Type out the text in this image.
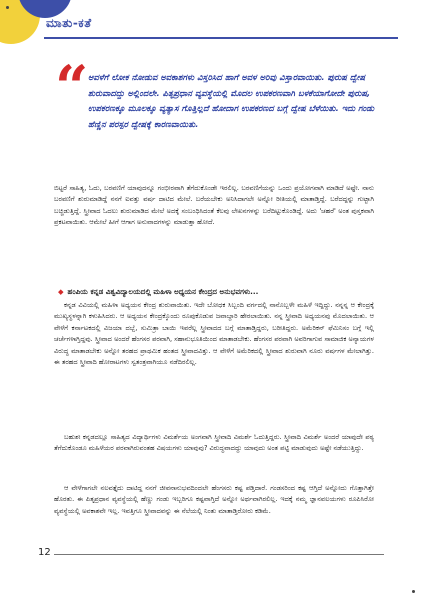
ಮಾತು-ಕತೆ
“ ಅವಳೆಗೆ ಲೋಕ ನೋಡುವ ಅವಕಾಶಗಳು ವಿಸ್ತರಿಸಿದ ಹಾಗೆ ಅವಳ ಅರಿವು ವಿಸ್ತಾರವಾಯಿತು. ಪುರುಷ ದ್ವೇಷ ಶುರುವಾದದ್ದು ಅಲ್ಲಿಂದಲೇ. ಪಿತೃಪ್ರಧಾನ ವ್ಯವಸ್ಥೆಯಲ್ಲಿ ಮೊದಲ ಉಪಕರಣವಾಗಿ ಬಳಕೆಯಾಗೋದೇ ಪುರುಷ, ಉಪಕರಣಕ್ಕೂ ಮೂಲಕ್ಕೂ ವ್ಯತ್ಯಾಸ ಗೊತ್ತಿಲ್ಲದೆ ಹೋದಾಗ ಉಪಕರಣದ ಬಗ್ಗೆ ದ್ವೇಷ ಬೆಳೆಯಿತು. ಇದು ಗಂಡು ಹೆಣ್ಣಿನ ಪರಸ್ಪರ ದ್ವೇಷಕ್ಕೆ ಕಾರಣವಾಯಿತು.
ಬಿಟ್ಟರೆ ಸಾಹಿತ್ಯ, ಓದು, ಬರವಣಿಗೆ ಯಾವುದನ್ನೂ ಗಂಭೀರವಾಗಿ ತೆಗೆದುಕೊಂಡೇ ಇರಲಿಲ್ಲ. ಬರವಣಿಗೆಯನ್ನು ಒಂದು ಪ್ರಯೋಗವಾಗಿ ಮಾಡಿದೆ ಅಷ್ಟೇ. ನಾನು ಬರವಣಿಗೆ ಶುರುಮಾಡಿದ್ದೆ ನನಗೆ ಐವತ್ತು ವರ್ಷ ದಾಟಿದ ಮೇಲೆ. ಬರೆಯಬೇಕು ಅನಿಸಿದಾಗಲೇ ಅನ್ನೋ ರೀತಿಯಲ್ಲಿ ಮಾತಾಡ್ತಿದ್ದೆ. ಬರೆದದ್ದನ್ನು ಗುಟ್ಟಾಗಿ ಬಚ್ಚಿಡುತ್ತಿದ್ದೆ. ಸ್ತ್ರೀವಾದ ಓದಲು ಶುರುಮಾಡಿದ ಮೇಲೆ ಅದಕ್ಕೆ ಸಂಬಂಧಿಸಿದಂತೆ ಕೆಲವು ಲೇಖನಗಳನ್ನು ಬರೆದಿಟ್ಟುಕೊಂಡಿದ್ದೆ. ಅದು 'ಚಹರೆ' ಅಂತ ಪುಸ್ತಕವಾಗಿ ಪ್ರಕಟವಾಯಿತು. ಆಮೇಲೆ ಹೀಗೆ ಆಗಾಗ ಅನುವಾದಗಳನ್ನು ಮಾಡುತ್ತಾ ಹೋದೆ.
◆ ಹಂಪಿಯ ಕನ್ನಡ ವಿಶ್ವವಿದ್ಯಾಲಯದಲ್ಲಿ ಮಹಿಳಾ ಅಧ್ಯಯನ ಕೇಂದ್ರದ ಅನುಭವಗಳು...
ಕನ್ನಡ ವಿವಿಯಲ್ಲಿ ಮಹಿಳಾ ಅಧ್ಯಯನ ಕೇಂದ್ರ ಶುರುವಾಯಿತು. ಇದೇ ಬೋಧಕ ಸಿಬ್ಬಂದಿ ವರ್ಗದಲ್ಲಿ ನಾನೊಬ್ಬಳೇ ಮಹಿಳೆ ಇದ್ದಿದ್ದು. ನನ್ನನ್ನ ಆ ಕೇಂದ್ರಕ್ಕೆ ಮುಖ್ಯಸ್ಥಳನ್ನಾಗಿ ಕಳುಹಿಸಿದರು. ಆ ಅಧ್ಯಯನ ಕೇಂದ್ರಕ್ಕೊಂದು ರೂಪುಕೊಡುವ ಜವಾಬ್ದಾರಿ ಹೇರಲಾಯಿತು. ನನ್ನ ಸ್ತ್ರೀವಾದಿ ಅಧ್ಯಯನವು ಮೊದಲಾಯಿತು. ಆ ವೇಳೆಗೆ ಕರ್ನಾಟಕದಲ್ಲಿ ವಿಜಯಾ ದಬ್ಬೆ, ಸುಮಿತ್ರಾ ಬಾಯಿ ಇವರೆಲ್ಲ ಸ್ತ್ರೀವಾದದ ಬಗ್ಗೆ ಮಾತಾಡ್ತಿದ್ದರು, ಬರೀತಿದ್ದರು. ಅಮೆರಿಕನ್ ಫೆಮಿನಿಸಂ ಬಗ್ಗೆ ಇಲ್ಲಿ ಚರ್ಚೆಗಳಾಗ್ತಿದ್ದವು. ಸ್ತ್ರೀವಾದ ಅಂದರೆ ಹೆಂಗಸರ ಪರವಾಗಿ, ಸಹಾನುಭೂತಿಯಿಂದ ಮಾತಾಡಬೇಕು. ಹೆಂಗಸರ ಪರವಾಗಿ ಅವರಿಗಾಗುವ ಸಾಮಾಜಿಕ ಅನ್ಯಾಯಗಳ ವಿರುದ್ಧ ಮಾತಾಡಬೇಕು ಅನ್ನೋ ತರಹದ ಪ್ರಾಥಮಿಕ ಹಂತದ ಸ್ತ್ರೀವಾದವಿತ್ತು. ಆ ವೇಳೆಗೆ ಅಮೆರಿಕದಲ್ಲಿ ಸ್ತ್ರೀವಾದ ಶುರುವಾಗಿ ನೂರು ವರ್ಷಗಳ ಮೇಲಾಗಿತ್ತು. ಈ ತರಹದ ಸ್ತ್ರೀವಾದಿ ಹೋರಾಟಗಳು ಸ್ವತಂತ್ರವಾಗಿಯೂ ನಡೆದಿರಲಿಲ್ಲ.
ಬಹುಶಃ ಕನ್ನಡದಲ್ಲೂ ಸಾಹಿತ್ಯದ ವಿದ್ಯಾರ್ಥಿಗಳು ವಿಮರ್ಶೆಯ ಅಂಗವಾಗಿ ಸ್ತ್ರೀವಾದಿ ವಿಮರ್ಶೆ ಓದುತ್ತಿದ್ದರು. ಸ್ತ್ರೀವಾದಿ ವಿಮರ್ಶೆ ಅಂದರೆ ಯಾವುದೇ ಪಠ್ಯ ತೆಗೆದುಕೊಂಡೂ ಮಹಿಳೆಯರ ಪರವಾಗಿರುವಂತಹ ವಿಷಯಗಳು ಯಾವುವು? ವಿರುದ್ಧವಾದದ್ದು ಯಾವುದು ಅಂತ ಪಟ್ಟಿ ಮಾಡುವುದು ಅಷ್ಟೇ ನಡೆಯುತ್ತಿದ್ದು.
ಆ ವೇಳೆಗಾಗಲೇ ನಲವತ್ತೈದು ದಾಟಿದ್ದ ನನಗೆ ಜೀವನಾನುಭವದಿಂದಲೇ ಹೆಂಗಸರು ಕಷ್ಟ ಪಡ್ತಿದಾರೆ. ಗಂಡಸರಿಂದ ಕಷ್ಟ ಆಗ್ತಿದೆ ಅನ್ನೋದು ಗೊತ್ತಾಗಿತ್ತೇ ಹೊರತು. ಈ ಪಿತೃಪ್ರಧಾನ ವ್ಯವಸ್ಥೆಯಲ್ಲಿ ಹೆಣ್ಣು ಗಂಡು ಇಬ್ಬರಿಗೂ ಕಷ್ಟವಾಗ್ತಿದೆ ಅನ್ನೋ ಅರ್ಥವಾಗಿರಲಿಲ್ಲ. ಇದಕ್ಕೆ ನಮ್ಮ ಜ್ಞಾನವಲಯಗಳು ರೂಪಿಸಿರೋ ವ್ಯವಸ್ಥೆಯಲ್ಲಿ ಅವಕಾಶವೇ ಇಲ್ಲ. ಇವತ್ತಿಗೂ ಸ್ತ್ರೀವಾದವನ್ನು ಈ ನೆಲೆಯಲ್ಲಿ ನಿಂತು ಮಾತಾಡ್ತಿರೋರು ಕಡಿಮೆ.
12
